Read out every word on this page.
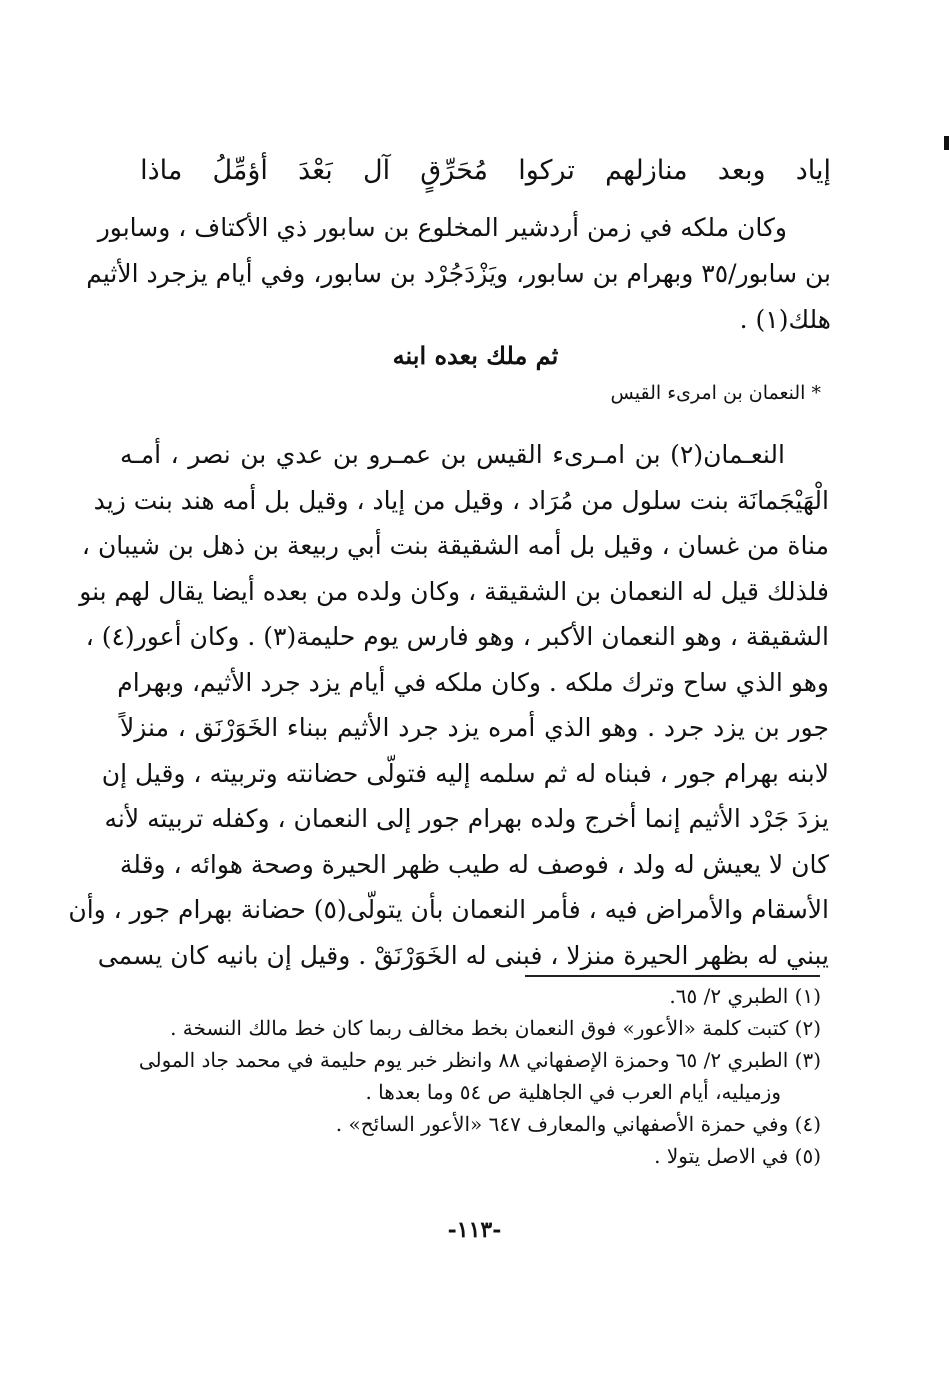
ماذا أؤمِّلُ بَعْدَ آل مُحَرِّقٍ تركوا منازلهم وبعد إياد
وكان ملكه في زمن أردشير المخلوع بن سابور ذي الأكتاف ، وسابور
بن سابور/٣٥ وبهرام بن سابور، ويَزْدَجُرْد بن سابور، وفي أيام يزجرد الأثيم
هلك(١) .
ثم ملك بعده ابنه
* النعمان بن امرىء القيس
النعـمان(٢) بن امـرىء القيس بن عمـرو بن عدي بن نصر ، أمـه
الْهَيْجَمانَة بنت سلول من مُرَاد ، وقيل من إياد ، وقيل بل أمه هند بنت زيد
مناة من غسان ، وقيل بل أمه الشقيقة بنت أبي ربيعة بن ذهل بن شيبان ،
فلذلك قيل له النعمان بن الشقيقة ، وكان ولده من بعده أيضا يقال لهم بنو
الشقيقة ، وهو النعمان الأكبر ، وهو فارس يوم حليمة(٣) . وكان أعور(٤) ،
وهو الذي ساح وترك ملكه . وكان ملكه في أيام يزد جرد الأثيم، وبهرام
جور بن يزد جرد . وهو الذي أمره يزد جرد الأثيم ببناء الخَوَرْنَق ، منزلاً
لابنه بهرام جور ، فبناه له ثم سلمه إليه فتولّى حضانته وتربيته ، وقيل إن
يزدَ جَرْد الأثيم إنما أخرج ولده بهرام جور إلى النعمان ، وكفله تربيته لأنه
كان لا يعيش له ولد ، فوصف له طيب ظهر الحيرة وصحة هوائه ، وقلة
الأسقام والأمراض فيه ، فأمر النعمان بأن يتولّى(٥) حضانة بهرام جور ، وأن
يبني له بظهر الحيرة منزلا ، فبنى له الخَوَرْنَقْ . وقيل إن بانيه كان يسمى
(١) الطبري ٢/ ٦٥.
(٢) كتبت كلمة «الأعور» فوق النعمان بخط مخالف ربما كان خط مالك النسخة .
(٣) الطبري ٢/ ٦٥ وحمزة الإصفهاني ٨٨ وانظر خبر يوم حليمة في محمد جاد المولى
وزميليه، أيام العرب في الجاهلية ص ٥٤ وما بعدها .
(٤) وفي حمزة الأصفهاني والمعارف ٦٤٧ «الأعور السائح» .
(٥) في الاصل يتولا .
-١١٣-
